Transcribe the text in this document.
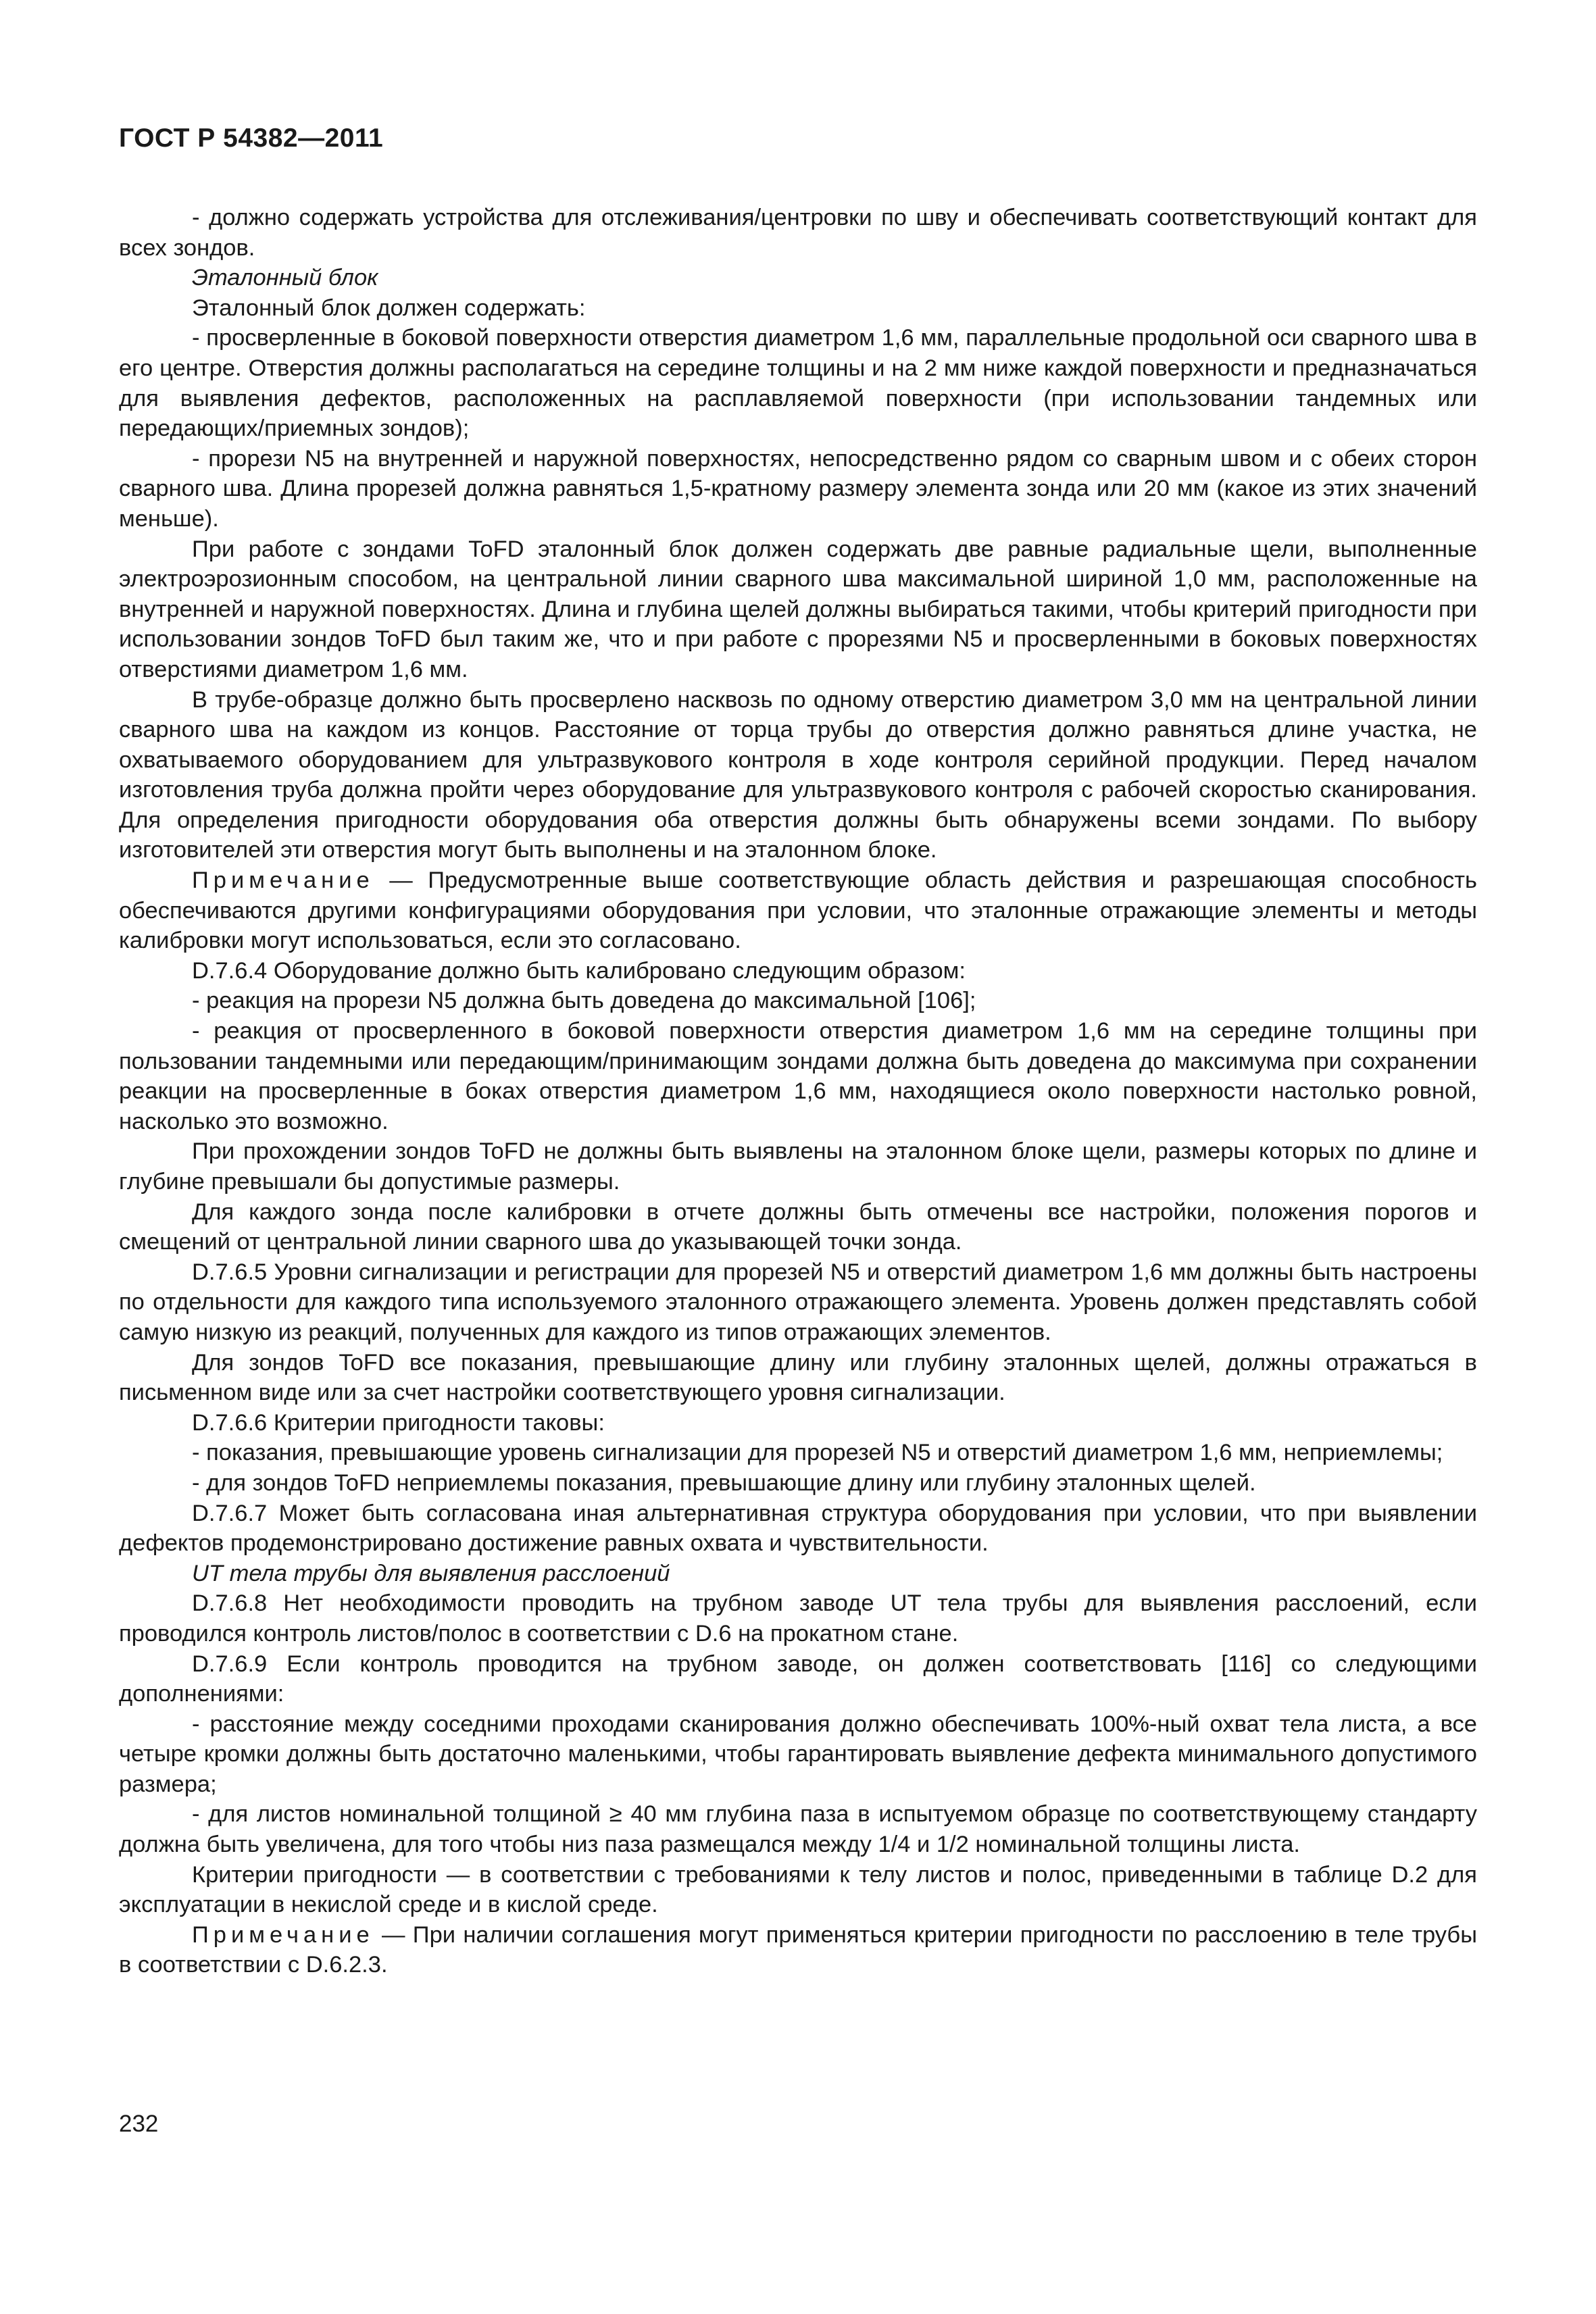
ГОСТ Р 54382—2011

- должно содержать устройства для отслеживания/центровки по шву и обеспечивать соответствующий контакт для всех зондов.

Эталонный блок

Эталонный блок должен содержать:

- просверленные в боковой поверхности отверстия диаметром 1,6 мм, параллельные продольной оси сварного шва в его центре. Отверстия должны располагаться на середине толщины и на 2 мм ниже каждой поверхности и предназначаться для выявления дефектов, расположенных на расплавляемой поверхности (при использовании тандемных или передающих/приемных зондов);

- прорези N5 на внутренней и наружной поверхностях, непосредственно рядом со сварным швом и с обеих сторон сварного шва. Длина прорезей должна равняться 1,5-кратному размеру элемента зонда или 20 мм (какое из этих значений меньше).

При работе с зондами ToFD эталонный блок должен содержать две равные радиальные щели, выполненные электроэрозионным способом, на центральной линии сварного шва максимальной шириной 1,0 мм, расположенные на внутренней и наружной поверхностях. Длина и глубина щелей должны выбираться такими, чтобы критерий пригодности при использовании зондов ToFD был таким же, что и при работе с прорезями N5 и просверленными в боковых поверхностях отверстиями диаметром 1,6 мм.

В трубе-образце должно быть просверлено насквозь по одному отверстию диаметром 3,0 мм на центральной линии сварного шва на каждом из концов. Расстояние от торца трубы до отверстия должно равняться длине участка, не охватываемого оборудованием для ультразвукового контроля в ходе контроля серийной продукции. Перед началом изготовления труба должна пройти через оборудование для ультразвукового контроля с рабочей скоростью сканирования. Для определения пригодности оборудования оба отверстия должны быть обнаружены всеми зондами. По выбору изготовителей эти отверстия могут быть выполнены и на эталонном блоке.

Примечание — Предусмотренные выше соответствующие область действия и разрешающая способность обеспечиваются другими конфигурациями оборудования при условии, что эталонные отражающие элементы и методы калибровки могут использоваться, если это согласовано.

D.7.6.4 Оборудование должно быть калибровано следующим образом:

- реакция на прорези N5 должна быть доведена до максимальной [106];

- реакция от просверленного в боковой поверхности отверстия диаметром 1,6 мм на середине толщины при пользовании тандемными или передающим/принимающим зондами должна быть доведена до максимума при сохранении реакции на просверленные в боках отверстия диаметром 1,6 мм, находящиеся около поверхности настолько ровной, насколько это возможно.

При прохождении зондов ToFD не должны быть выявлены на эталонном блоке щели, размеры которых по длине и глубине превышали бы допустимые размеры.

Для каждого зонда после калибровки в отчете должны быть отмечены все настройки, положения порогов и смещений от центральной линии сварного шва до указывающей точки зонда.

D.7.6.5 Уровни сигнализации и регистрации для прорезей N5 и отверстий диаметром 1,6 мм должны быть настроены по отдельности для каждого типа используемого эталонного отражающего элемента. Уровень должен представлять собой самую низкую из реакций, полученных для каждого из типов отражающих элементов.

Для зондов ToFD все показания, превышающие длину или глубину эталонных щелей, должны отражаться в письменном виде или за счет настройки соответствующего уровня сигнализации.

D.7.6.6 Критерии пригодности таковы:

- показания, превышающие уровень сигнализации для прорезей N5 и отверстий диаметром 1,6 мм, неприемлемы;

- для зондов ToFD неприемлемы показания, превышающие длину или глубину эталонных щелей.

D.7.6.7 Может быть согласована иная альтернативная структура оборудования при условии, что при выявлении дефектов продемонстрировано достижение равных охвата и чувствительности.

UT тела трубы для выявления расслоений

D.7.6.8 Нет необходимости проводить на трубном заводе UT тела трубы для выявления расслоений, если проводился контроль листов/полос в соответствии с D.6 на прокатном стане.

D.7.6.9 Если контроль проводится на трубном заводе, он должен соответствовать [116] со следующими дополнениями:

- расстояние между соседними проходами сканирования должно обеспечивать 100%-ный охват тела листа, а все четыре кромки должны быть достаточно маленькими, чтобы гарантировать выявление дефекта минимального допустимого размера;

- для листов номинальной толщиной ≥ 40 мм глубина паза в испытуемом образце по соответствующему стандарту должна быть увеличена, для того чтобы низ паза размещался между 1/4 и 1/2 номинальной толщины листа.

Критерии пригодности — в соответствии с требованиями к телу листов и полос, приведенными в таблице D.2 для эксплуатации в некислой среде и в кислой среде.

Примечание — При наличии соглашения могут применяться критерии пригодности по расслоению в теле трубы в соответствии с D.6.2.3.

232
